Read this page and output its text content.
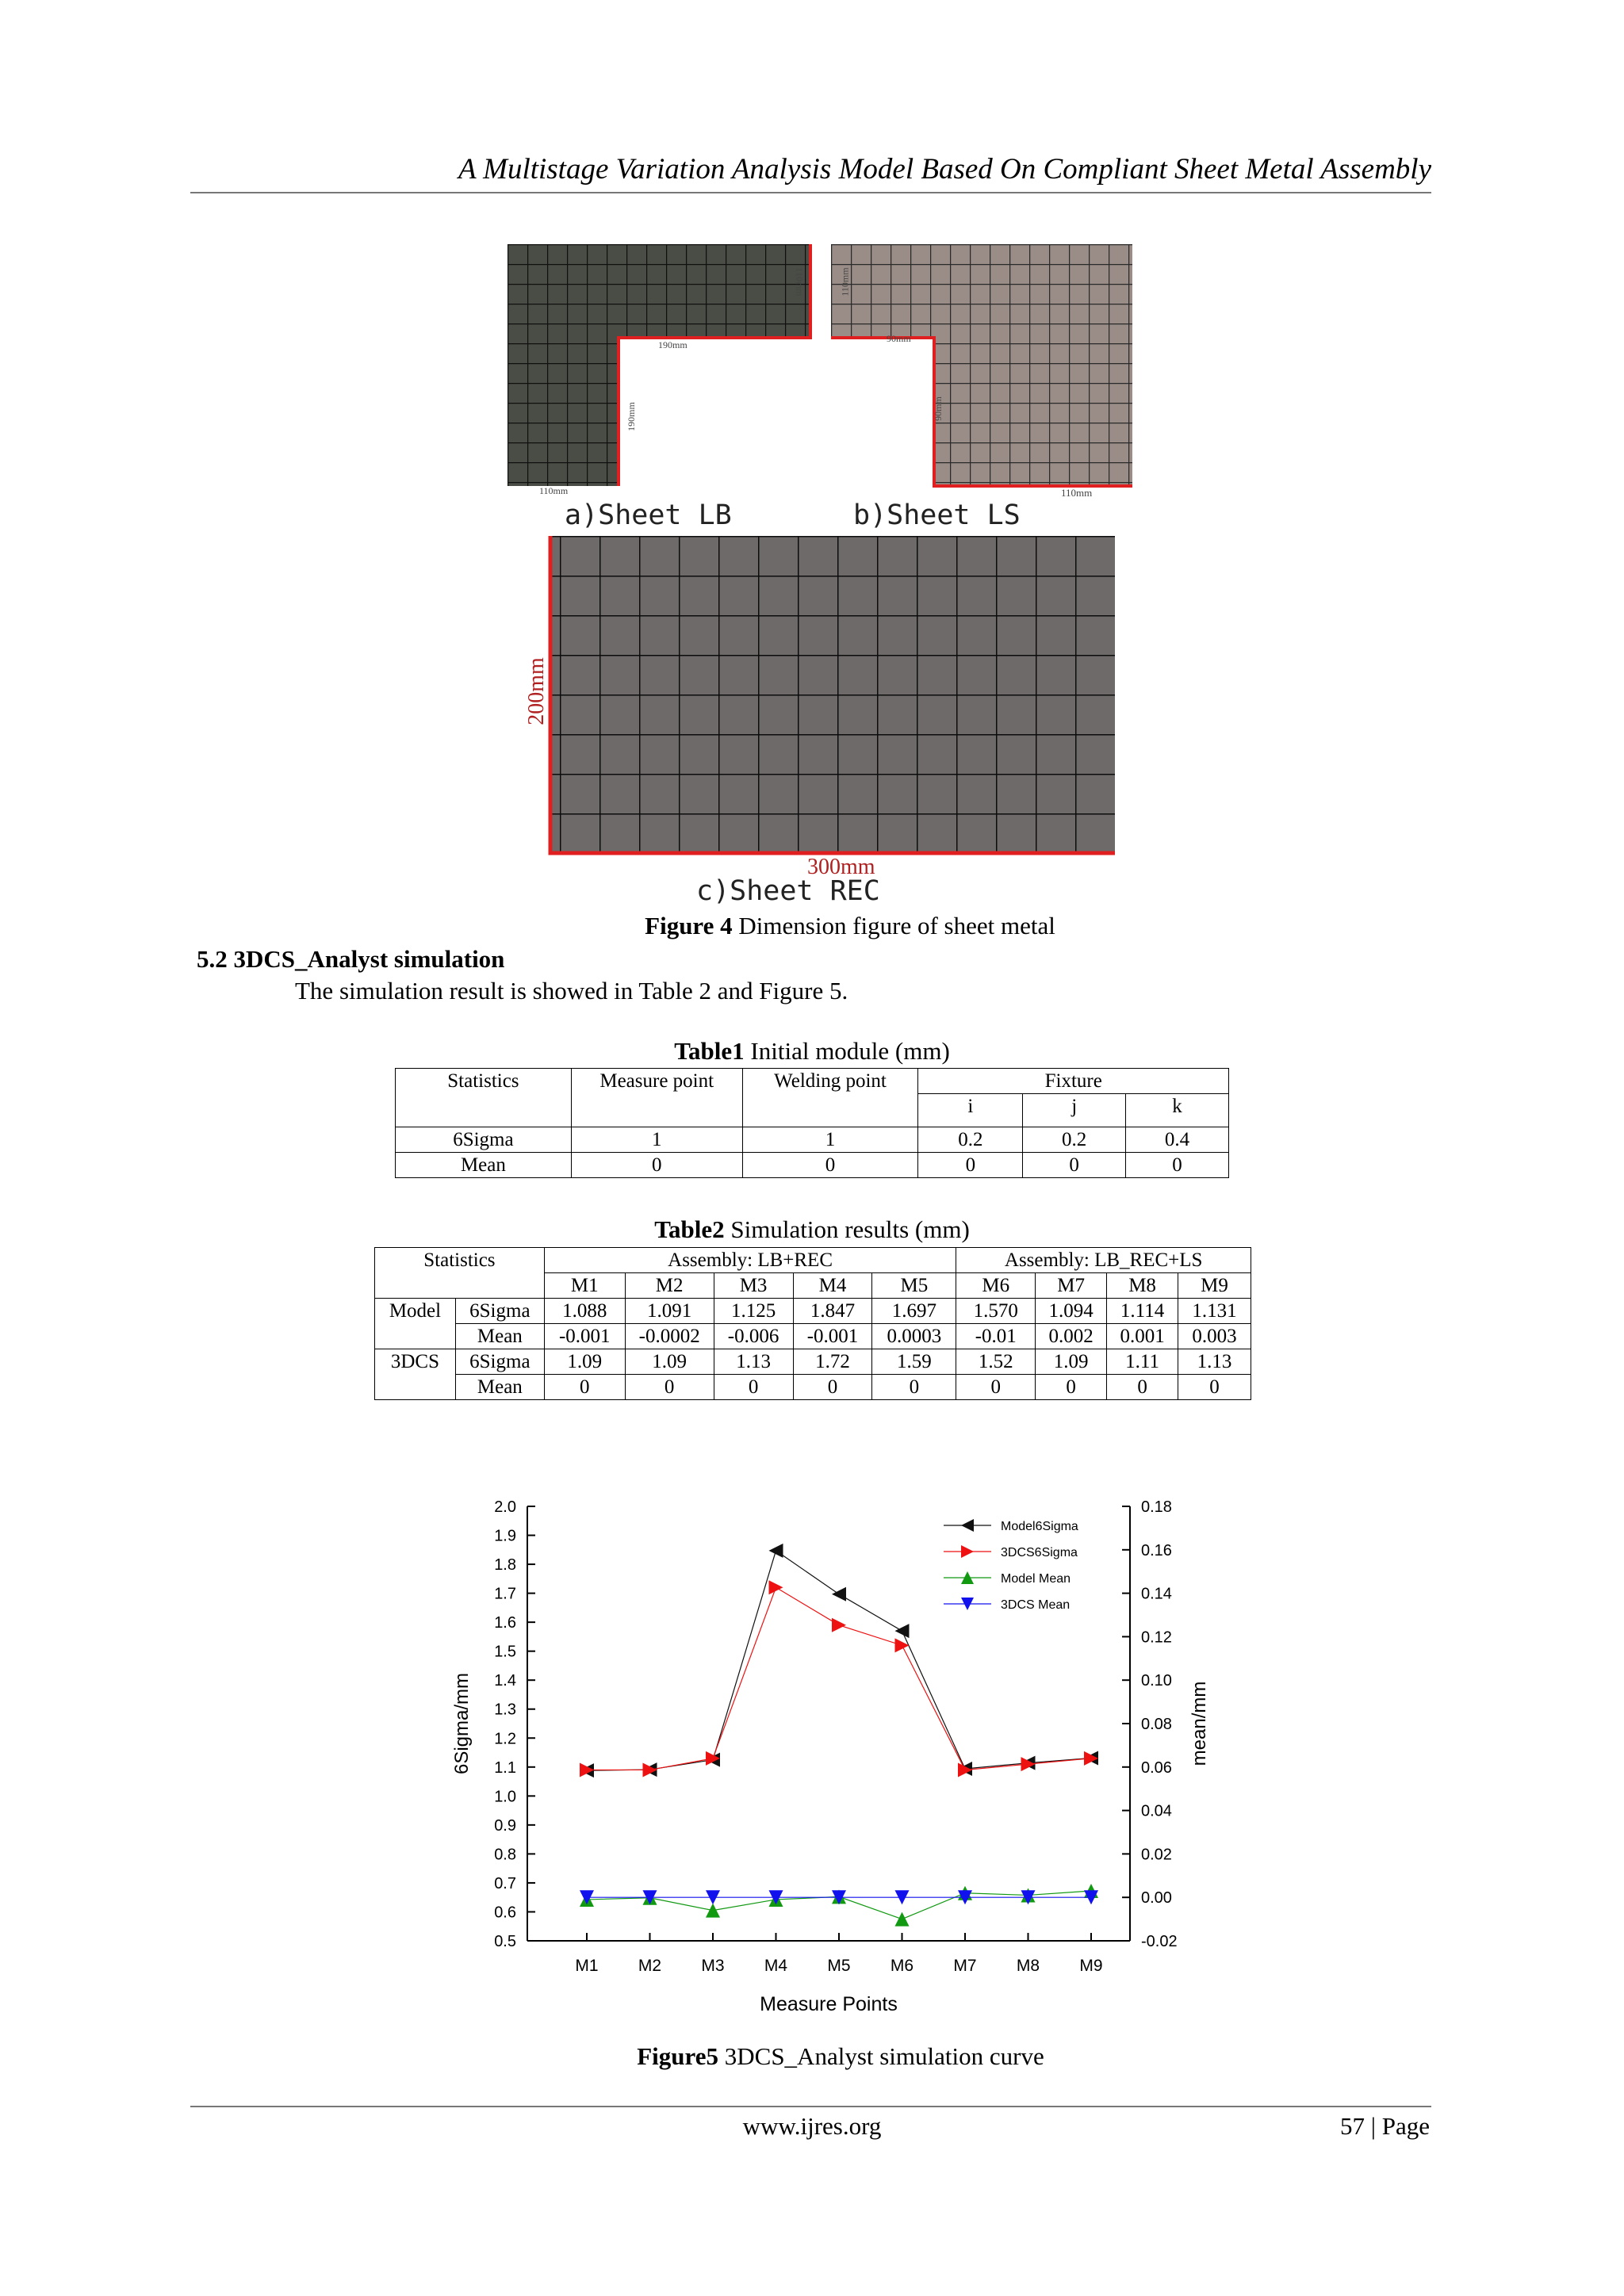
A Multistage Variation Analysis Model Based On Compliant Sheet Metal Assembly
110mm
190mm
190mm
110mm
a)Sheet LB
110mm
90mm
90mm
110mm
b)Sheet LS
200mm
300mm
c)Sheet REC
Figure 4 Dimension figure of sheet metal
5.2 3DCS_Analyst simulation
The simulation result is showed in Table 2 and Figure 5.
Table1 Initial module (mm)
Statistics	Measure point	Welding point	Fixture		
			i	j	k
6Sigma	1	1	0.2	0.2	0.4
Mean	0	0	0	0	0
Table2 Simulation results (mm)
Statistics		Assembly: LB+REC					Assembly: LB_REC+LS			
		M1	M2	M3	M4	M5	M6	M7	M8	M9
Model	6Sigma	1.088	1.091	1.125	1.847	1.697	1.570	1.094	1.114	1.131
	Mean	-0.001	-0.0002	-0.006	-0.001	0.0003	-0.01	0.002	0.001	0.003
3DCS	6Sigma	1.09	1.09	1.13	1.72	1.59	1.52	1.09	1.11	1.13
	Mean	0	0	0	0	0	0	0	0	0
0.5
0.6
0.7
0.8
0.9
1.0
1.1
1.2
1.3
1.4
1.5
1.6
1.7
1.8
1.9
2.0
-0.02
0.00
0.02
0.04
0.06
0.08
0.10
0.12
0.14
0.16
0.18
M1 M2 M3 M4 M5 M6 M7 M8 M9
Measure Points
6Sigma/mm	mean/mm
Model6Sigma
3DCS6Sigma
Model Mean
3DCS Mean
Figure5 3DCS_Analyst simulation curve
www.ijres.org	57 | Page
